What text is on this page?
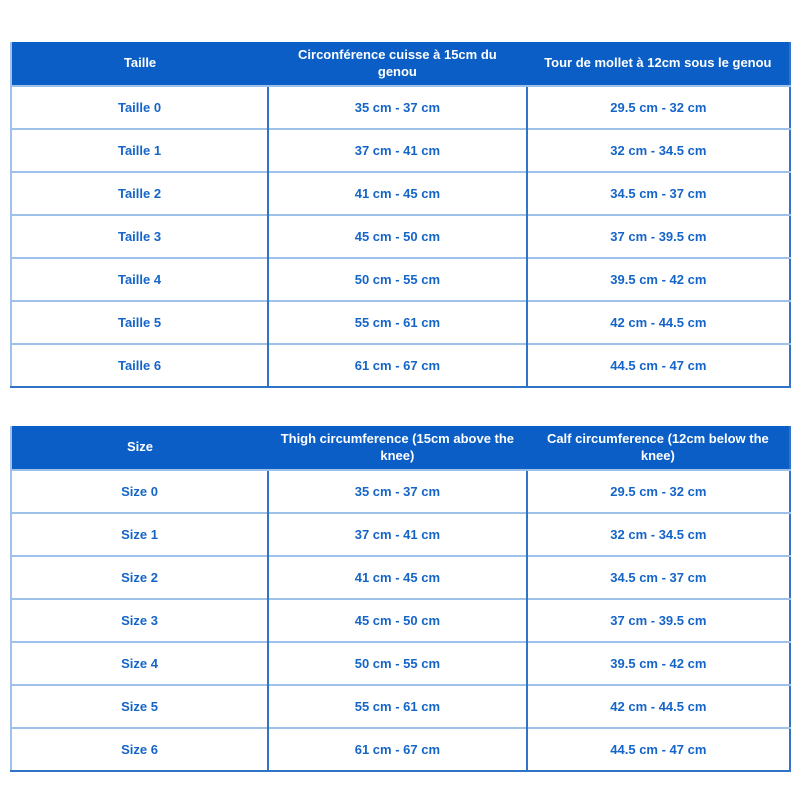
Taille	Circonférence cuisse à 15cm du genou	Tour de mollet à 12cm sous le genou
Taille 0	35 cm - 37 cm	29.5 cm - 32 cm
Taille 1	37 cm - 41 cm	32 cm - 34.5 cm
Taille 2	41 cm - 45 cm	34.5 cm - 37 cm
Taille 3	45 cm - 50 cm	37 cm - 39.5 cm
Taille 4	50 cm - 55 cm	39.5 cm - 42 cm
Taille 5	55 cm - 61 cm	42 cm - 44.5 cm
Taille 6	61 cm - 67 cm	44.5 cm - 47 cm
Size	Thigh circumference (15cm above the knee)	Calf circumference (12cm below the knee)
Size 0	35 cm - 37 cm	29.5 cm - 32 cm
Size 1	37 cm - 41 cm	32 cm - 34.5 cm
Size 2	41 cm - 45 cm	34.5 cm - 37 cm
Size 3	45 cm - 50 cm	37 cm - 39.5 cm
Size 4	50 cm - 55 cm	39.5 cm - 42 cm
Size 5	55 cm - 61 cm	42 cm - 44.5 cm
Size 6	61 cm - 67 cm	44.5 cm - 47 cm
